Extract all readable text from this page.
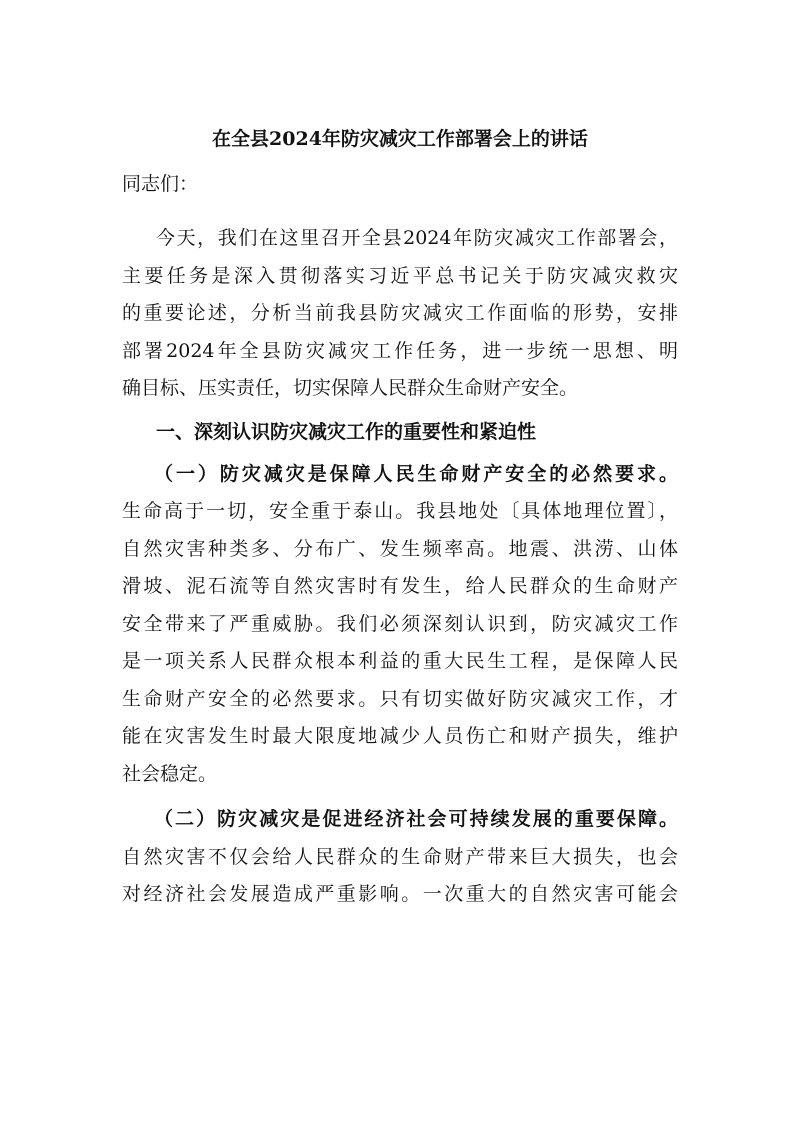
在全县2024年防灾减灾工作部署会上的讲话

同志们：

今天，我们在这里召开全县2024年防灾减灾工作部署会，
主要任务是深入贯彻落实习近平总书记关于防灾减灾救灾
的重要论述，分析当前我县防灾减灾工作面临的形势，安排
部署2024年全县防灾减灾工作任务，进一步统一思想、明
确目标、压实责任，切实保障人民群众生命财产安全。

一、深刻认识防灾减灾工作的重要性和紧迫性

（一）防灾减灾是保障人民生命财产安全的必然要求。
生命高于一切，安全重于泰山。我县地处〔具体地理位置〕，
自然灾害种类多、分布广、发生频率高。地震、洪涝、山体
滑坡、泥石流等自然灾害时有发生，给人民群众的生命财产
安全带来了严重威胁。我们必须深刻认识到，防灾减灾工作
是一项关系人民群众根本利益的重大民生工程，是保障人民
生命财产安全的必然要求。只有切实做好防灾减灾工作，才
能在灾害发生时最大限度地减少人员伤亡和财产损失，维护
社会稳定。

（二）防灾减灾是促进经济社会可持续发展的重要保障。
自然灾害不仅会给人民群众的生命财产带来巨大损失，也会
对经济社会发展造成严重影响。一次重大的自然灾害可能会
